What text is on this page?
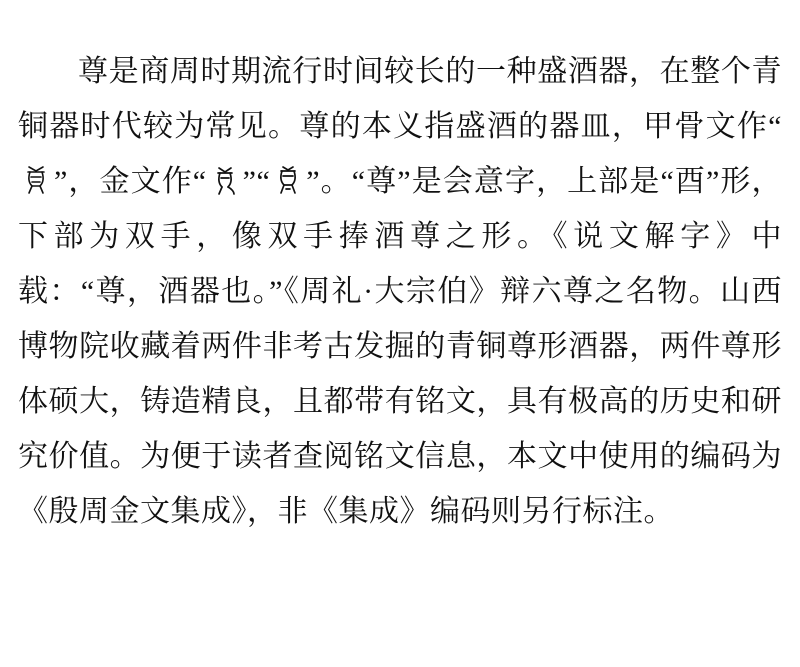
尊是商周时期流行时间较长的一种盛酒器，在整个青铜器时代较为常见。尊的本义指盛酒的器皿，甲骨文作“
”，金文作“ ”“ ”。“尊”是会意字，上部是“酉”形，下部为双手，像双手捧酒尊之形。《说文解字》中载：“尊，酒器也。”《周礼·大宗伯》辩六尊之名物。山西博物院收藏着两件非考古发掘的青铜尊形酒器，两件尊形体硕大，铸造精良，且都带有铭文，具有极高的历史和研究价值。为便于读者查阅铭文信息，本文中使用的编码为《殷周金文集成》，非《集成》编码则另行标注。
